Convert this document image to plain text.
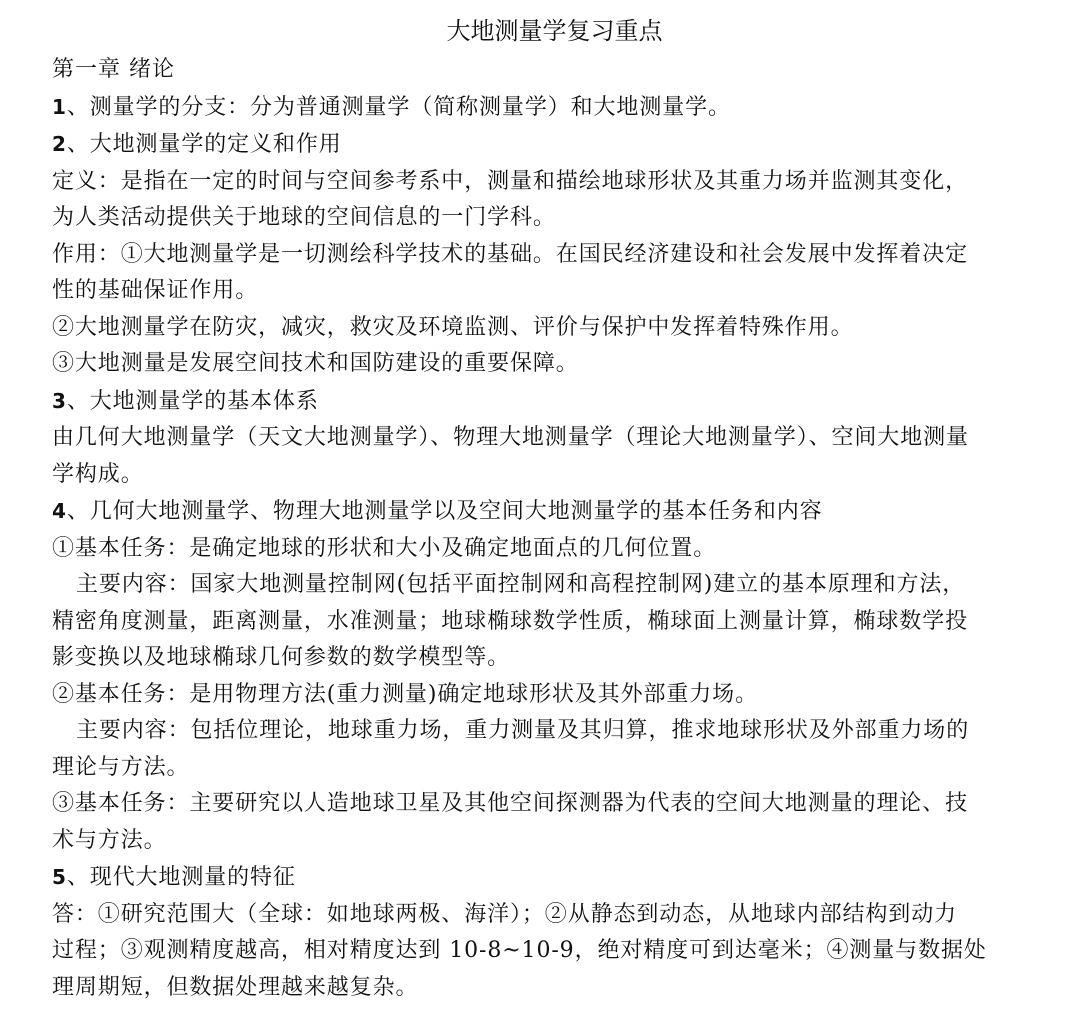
大地测量学复习重点
第一章 绪论
1、测量学的分支：分为普通测量学（简称测量学）和大地测量学。
2、大地测量学的定义和作用
定义：是指在一定的时间与空间参考系中，测量和描绘地球形状及其重力场并监测其变化，
为人类活动提供关于地球的空间信息的一门学科。
作用：①大地测量学是一切测绘科学技术的基础。在国民经济建设和社会发展中发挥着决定
性的基础保证作用。
②大地测量学在防灾，减灾，救灾及环境监测、评价与保护中发挥着特殊作用。
③大地测量是发展空间技术和国防建设的重要保障。
3、大地测量学的基本体系
由几何大地测量学（天文大地测量学）、物理大地测量学（理论大地测量学）、空间大地测量
学构成。
4、几何大地测量学、物理大地测量学以及空间大地测量学的基本任务和内容
①基本任务：是确定地球的形状和大小及确定地面点的几何位置。
主要内容：国家大地测量控制网(包括平面控制网和高程控制网)建立的基本原理和方法，
精密角度测量，距离测量，水准测量；地球椭球数学性质，椭球面上测量计算，椭球数学投
影变换以及地球椭球几何参数的数学模型等。
②基本任务：是用物理方法(重力测量)确定地球形状及其外部重力场。
主要内容：包括位理论，地球重力场，重力测量及其归算，推求地球形状及外部重力场的
理论与方法。
③基本任务：主要研究以人造地球卫星及其他空间探测器为代表的空间大地测量的理论、技
术与方法。
5、现代大地测量的特征
答：①研究范围大（全球：如地球两极、海洋）；②从静态到动态，从地球内部结构到动力
过程；③观测精度越高，相对精度达到 10-8~10-9，绝对精度可到达毫米；④测量与数据处
理周期短，但数据处理越来越复杂。
